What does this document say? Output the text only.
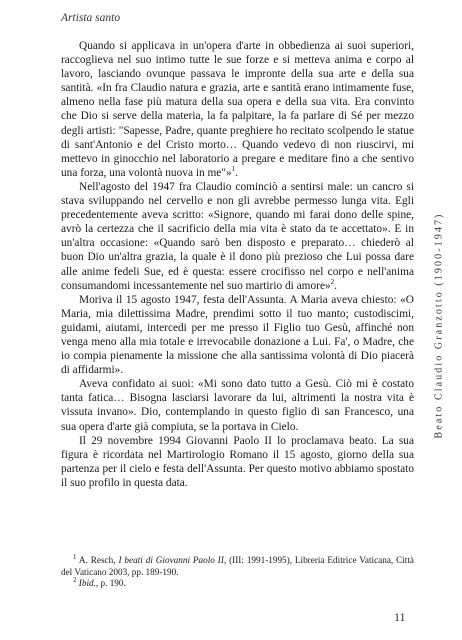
Artista santo
Beato Claudio Granzotto (1900-1947)

Quando si applicava in un'opera d'arte in obbedienza ai suoi superiori, raccoglieva nel suo intimo tutte le sue forze e si metteva anima e corpo al lavoro, lasciando ovunque passava le impronte della sua arte e della sua santità. «In fra Claudio natura e grazia, arte e santità erano intimamente fuse, almeno nella fase più matura della sua opera e della sua vita. Era convinto che Dio si serve della materia, la fa palpitare, la fa parlare di Sé per mezzo degli artisti: "Sapesse, Padre, quante preghiere ho recitato scolpendo le statue di sant'Antonio e del Cristo morto… Quando vedevo di non riuscirvi, mi mettevo in ginocchio nel laboratorio a pregare e meditare fino a che sentivo una forza, una volontà nuova in me"»$^1$.

Nell'agosto del 1947 fra Claudio cominciò a sentirsi male: un cancro si stava sviluppando nel cervello e non gli avrebbe permesso lunga vita. Egli precedentemente aveva scritto: «Signore, quando mi farai dono delle spine, avrò la certezza che il sacrificio della mia vita è stato da te accettato». E in un'altra occasione: «Quando sarò ben disposto e preparato… chiederò al buon Dio un'altra grazia, la quale è il dono più prezioso che Lui possa dare alle anime fedeli Sue, ed è questa: essere crocifisso nel corpo e nell'anima consumandomi incessantemente nel suo martirio di amore»$^2$.

Moriva il 15 agosto 1947, festa dell'Assunta. A Maria aveva chiesto: «O Maria, mia dilettissima Madre, prendimi sotto il tuo manto; custodiscimi, guidami, aiutami, intercedi per me presso il Figlio tuo Gesù, affinché non venga meno alla mia totale e irrevocabile donazione a Lui. Fa', o Madre, che io compia pienamente la missione che alla santissima volontà di Dio piacerà di affidarmi».

Aveva confidato ai suoi: «Mi sono dato tutto a Gesù. Ciò mi è costato tanta fatica… Bisogna lasciarsi lavorare da lui, altrimenti la nostra vita è vissuta invano». Dio, contemplando in questo figlio di san Francesco, una sua opera d'arte già compiuta, se la portava in Cielo.

Il 29 novembre 1994 Giovanni Paolo II lo proclamava beato. La sua figura è ricordata nel Martirologio Romano il 15 agosto, giorno della sua partenza per il cielo e festa dell'Assunta. Per questo motivo abbiamo spostato il suo profilo in questa data.

$^1$ A. Resch, I beati di Giovanni Paolo II, (III: 1991-1995), Libreria Editrice Vaticana, Città del Vaticano 2003, pp. 189-190.

$^2$ Ibid., p. 190.

11
